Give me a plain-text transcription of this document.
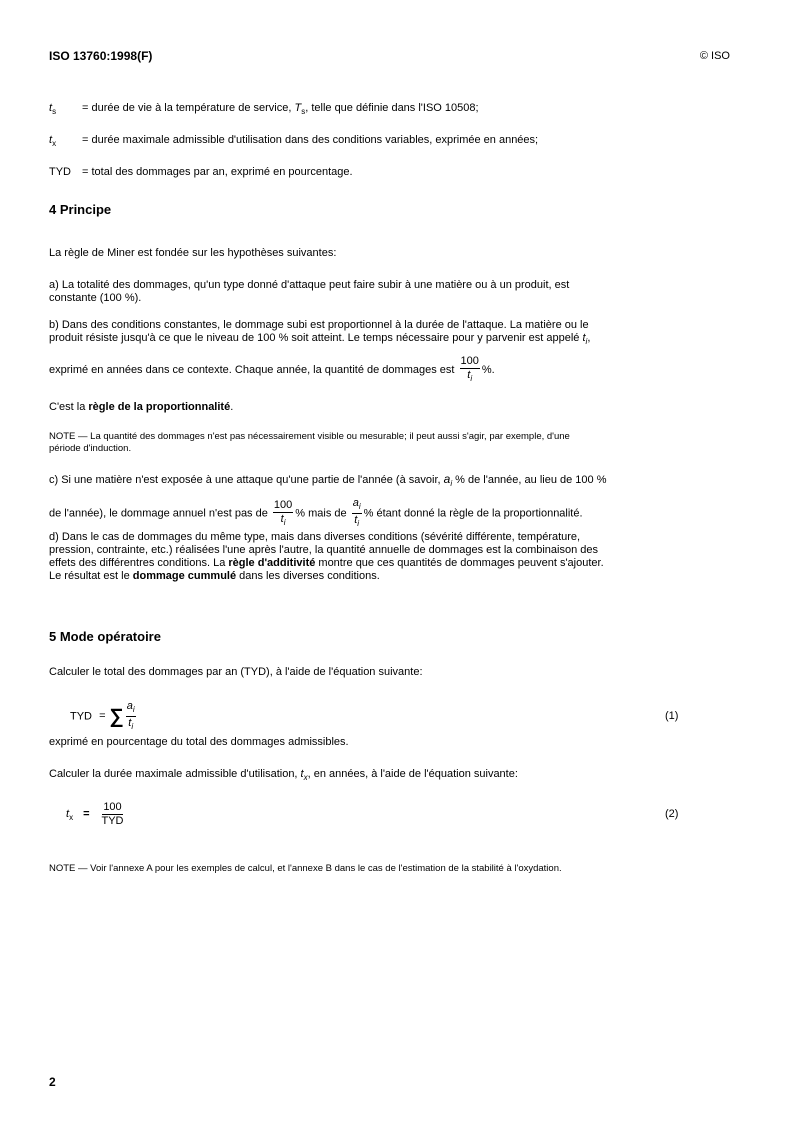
ISO 13760:1998(F)	© ISO
$t_s$ = durée de vie à la température de service, $T_s$, telle que définie dans l'ISO 10508;
$t_x$ = durée maximale admissible d'utilisation dans des conditions variables, exprimée en années;
TYD = total des dommages par an, exprimé en pourcentage.
4 Principe
La règle de Miner est fondée sur les hypothèses suivantes:
a) La totalité des dommages, qu'un type donné d'attaque peut faire subir à une matière ou à un produit, est
constante (100 %).
b) Dans des conditions constantes, le dommage subi est proportionnel à la durée de l'attaque. La matière ou le
produit résiste jusqu'à ce que le niveau de 100 % soit atteint. Le temps nécessaire pour y parvenir est appelé $t_i$,
exprimé en années dans ce contexte. Chaque année, la quantité de dommages est $\frac{100}{t_i}$ %.
C'est la règle de la proportionnalité.
NOTE — La quantité des dommages n'est pas nécessairement visible ou mesurable; il peut aussi s'agir, par exemple, d'une
période d'induction.
c) Si une matière n'est exposée à une attaque qu'une partie de l'année (à savoir, $a_i$ % de l'année, au lieu de 100 %
de l'année), le dommage annuel n'est pas de $\frac{100}{t_i}$ % mais de $\frac{a_i}{t_i}$ % étant donné la règle de la proportionnalité.
d) Dans le cas de dommages du même type, mais dans diverses conditions (sévérité différente, température,
pression, contrainte, etc.) réalisées l'une après l'autre, la quantité annuelle de dommages est la combinaison des
effets des différentres conditions. La règle d'additivité montre que ces quantités de dommages peuvent s'ajouter.
Le résultat est le dommage cummulé dans les diverses conditions.
5 Mode opératoire
Calculer le total des dommages par an (TYD), à l'aide de l'équation suivante:
TYD = ∑ $\frac{a_i}{t_i}$	(1)
exprimé en pourcentage du total des dommages admissibles.
Calculer la durée maximale admissible d'utilisation, $t_x$, en années, à l'aide de l'équation suivante:
$t_x = \frac{100}{\text{TYD}}$	(2)
NOTE — Voir l'annexe A pour les exemples de calcul, et l'annexe B dans le cas de l'estimation de la stabilité à l'oxydation.
2
